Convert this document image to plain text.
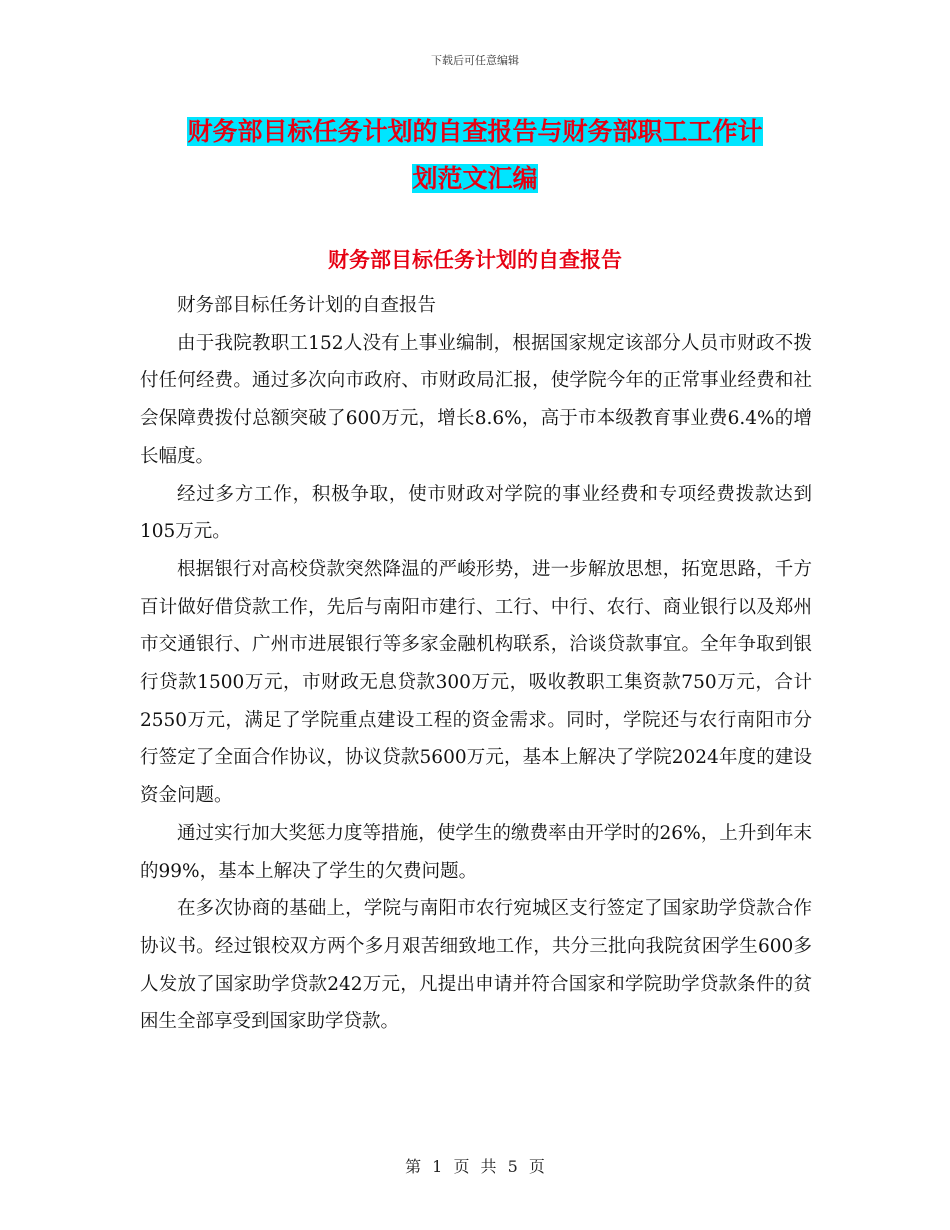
下载后可任意编辑
财务部目标任务计划的自查报告与财务部职工工作计
划范文汇编
财务部目标任务计划的自查报告

财务部目标任务计划的自查报告

由于我院教职工152人没有上事业编制，根据国家规定该部分人员市财政不拨付任何经费。通过多次向市政府、市财政局汇报，使学院今年的正常事业经费和社会保障费拨付总额突破了600万元，增长8.6%，高于市本级教育事业费6.4%的增长幅度。

经过多方工作，积极争取，使市财政对学院的事业经费和专项经费拨款达到105万元。

根据银行对高校贷款突然降温的严峻形势，进一步解放思想，拓宽思路，千方百计做好借贷款工作，先后与南阳市建行、工行、中行、农行、商业银行以及郑州市交通银行、广州市进展银行等多家金融机构联系，洽谈贷款事宜。全年争取到银行贷款1500万元，市财政无息贷款300万元，吸收教职工集资款750万元，合计2550万元，满足了学院重点建设工程的资金需求。同时，学院还与农行南阳市分行签定了全面合作协议，协议贷款5600万元，基本上解决了学院2024年度的建设资金问题。

通过实行加大奖惩力度等措施，使学生的缴费率由开学时的26%，上升到年末的99%，基本上解决了学生的欠费问题。

在多次协商的基础上，学院与南阳市农行宛城区支行签定了国家助学贷款合作协议书。经过银校双方两个多月艰苦细致地工作，共分三批向我院贫困学生600多人发放了国家助学贷款242万元，凡提出申请并符合国家和学院助学贷款条件的贫困生全部享受到国家助学贷款。

第 1 页 共 5 页
